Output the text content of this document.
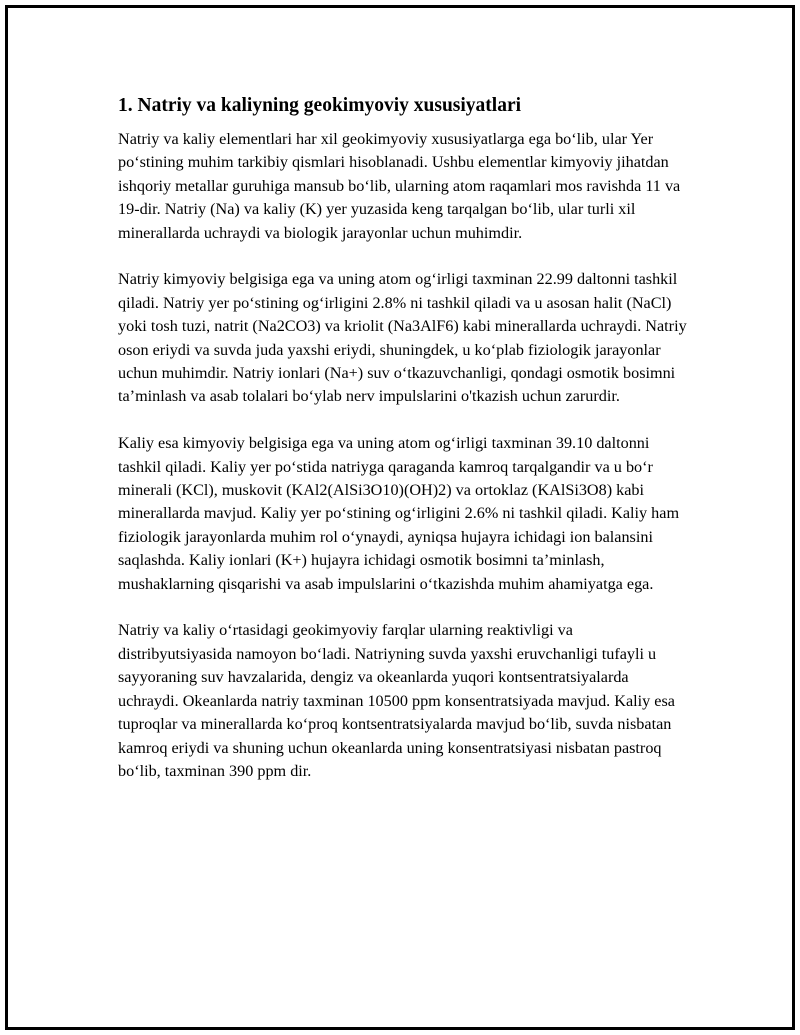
1. Natriy va kaliyning geokimyoviy xususiyatlari

Natriy va kaliy elementlari har xil geokimyoviy xususiyatlarga ega boʻlib, ular Yer poʻstining muhim tarkibiy qismlari hisoblanadi. Ushbu elementlar kimyoviy jihatdan ishqoriy metallar guruhiga mansub boʻlib, ularning atom raqamlari mos ravishda 11 va 19-dir. Natriy (Na) va kaliy (K) yer yuzasida keng tarqalgan boʻlib, ular turli xil minerallarda uchraydi va biologik jarayonlar uchun muhimdir.

Natriy kimyoviy belgisiga ega va uning atom ogʻirligi taxminan 22.99 daltonni tashkil qiladi. Natriy yer poʻstining ogʻirligini 2.8% ni tashkil qiladi va u asosan halit (NaCl) yoki tosh tuzi, natrit (Na2CO3) va kriolit (Na3AlF6) kabi minerallarda uchraydi. Natriy oson eriydi va suvda juda yaxshi eriydi, shuningdek, u koʻplab fiziologik jarayonlar uchun muhimdir. Natriy ionlari (Na+) suv oʻtkazuvchanligi, qondagi osmotik bosimni taʼminlash va asab tolalari boʻylab nerv impulslarini o'tkazish uchun zarurdir.

Kaliy esa kimyoviy belgisiga ega va uning atom ogʻirligi taxminan 39.10 daltonni tashkil qiladi. Kaliy yer poʻstida natriyga qaraganda kamroq tarqalgandir va u boʻr minerali (KCl), muskovit (KAl2(AlSi3O10)(OH)2) va ortoklaz (KAlSi3O8) kabi minerallarda mavjud. Kaliy yer poʻstining ogʻirligini 2.6% ni tashkil qiladi. Kaliy ham fiziologik jarayonlarda muhim rol oʻynaydi, ayniqsa hujayra ichidagi ion balansini saqlashda. Kaliy ionlari (K+) hujayra ichidagi osmotik bosimni taʼminlash, mushaklarning qisqarishi va asab impulslarini oʻtkazishda muhim ahamiyatga ega.

Natriy va kaliy oʻrtasidagi geokimyoviy farqlar ularning reaktivligi va distribyutsiyasida namoyon boʻladi. Natriyning suvda yaxshi eruvchanligi tufayli u sayyoraning suv havzalarida, dengiz va okeanlarda yuqori kontsentratsiyalarda uchraydi. Okeanlarda natriy taxminan 10500 ppm konsentratsiyada mavjud. Kaliy esa tuproqlar va minerallarda koʻproq kontsentratsiyalarda mavjud boʻlib, suvda nisbatan kamroq eriydi va shuning uchun okeanlarda uning konsentratsiyasi nisbatan pastroq boʻlib, taxminan 390 ppm dir.
